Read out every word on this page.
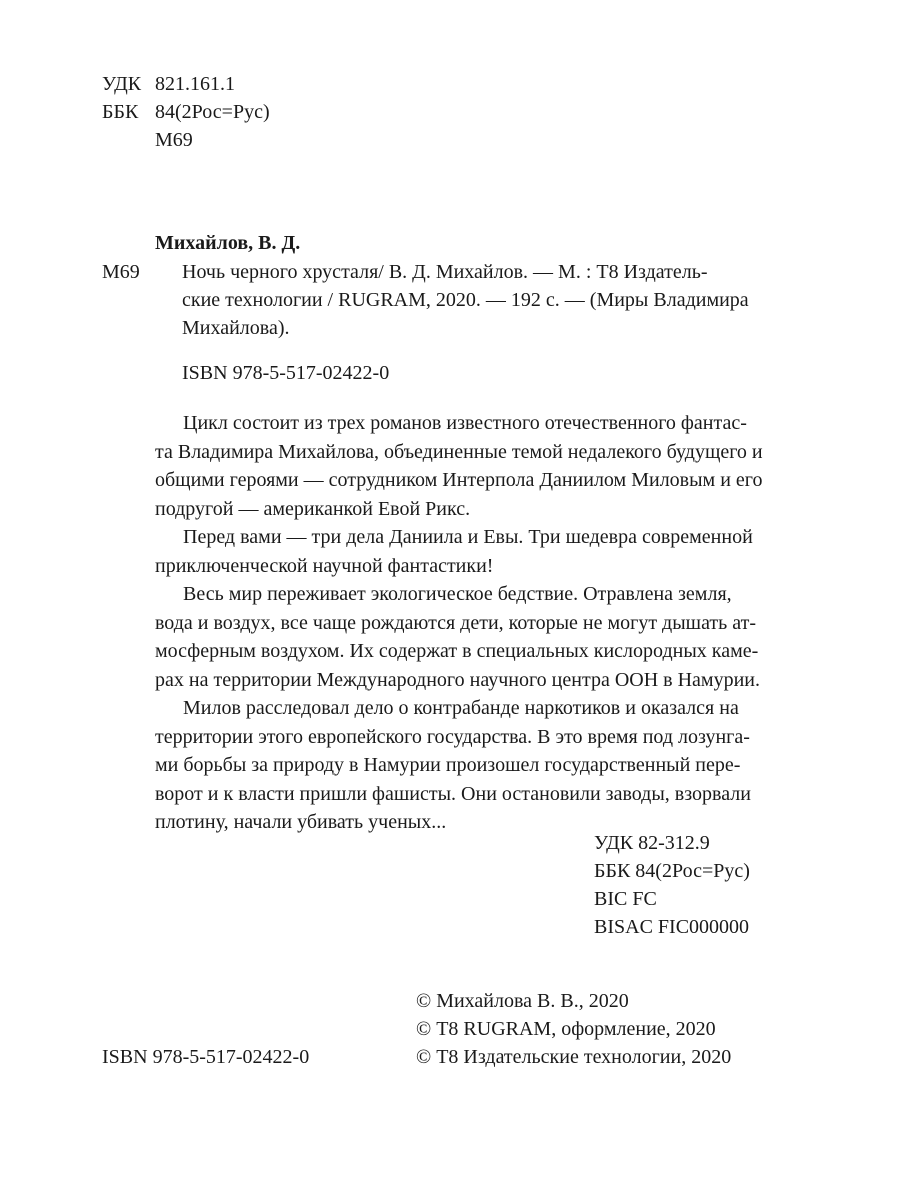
УДК 821.161.1
ББК 84(2Рос=Рус)
М69
Михайлов, В. Д.
М69 Ночь черного хрусталя/ В. Д. Михайлов. — М. : Т8 Издатель-
ские технологии / RUGRAM, 2020. — 192 с. — (Миры Владимира
Михайлова).
ISBN 978-5-517-02422-0

Цикл состоит из трех романов известного отечественного фантас-
та Владимира Михайлова, объединенные темой недалекого будущего и
общими героями — сотрудником Интерпола Даниилом Миловым и его
подругой — американкой Евой Рикс.

Перед вами — три дела Даниила и Евы. Три шедевра современной
приключенческой научной фантастики!

Весь мир переживает экологическое бедствие. Отравлена земля,
вода и воздух, все чаще рождаются дети, которые не могут дышать ат-
мосферным воздухом. Их содержат в специальных кислородных каме-
рах на территории Международного научного центра ООН в Намурии.

Милов расследовал дело о контрабанде наркотиков и оказался на
территории этого европейского государства. В это время под лозунга-
ми борьбы за природу в Намурии произошел государственный пере-
ворот и к власти пришли фашисты. Они остановили заводы, взорвали
плотину, начали убивать ученых...

УДК 82-312.9
ББК 84(2Рос=Рус)
BIC FC
BISAC FIC000000
© Михайлова В. В., 2020
© Т8 RUGRAM, оформление, 2020
© Т8 Издательские технологии, 2020
ISBN 978-5-517-02422-0
